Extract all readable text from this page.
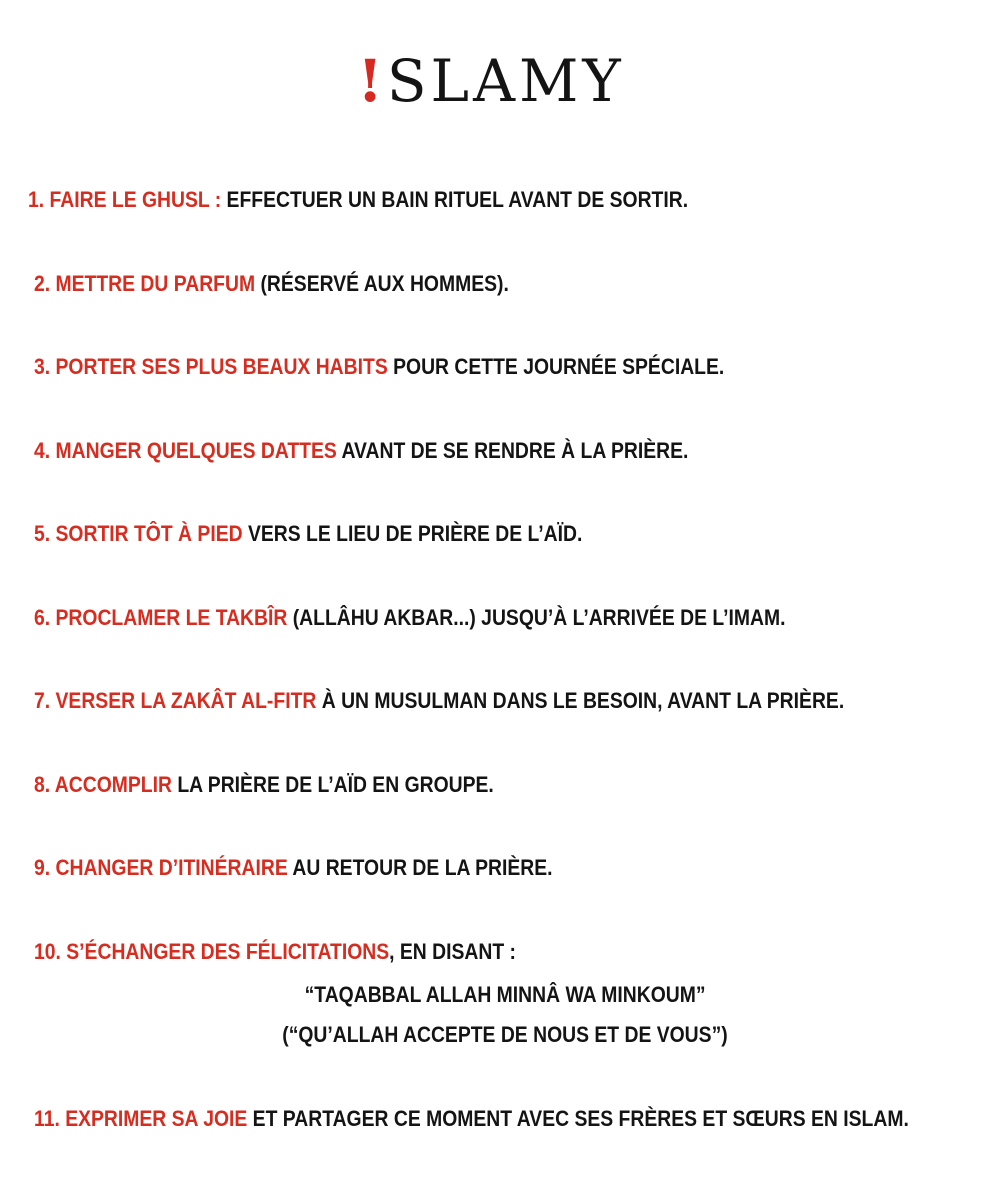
!SLAMY
1. FAIRE LE GHUSL : EFFECTUER UN BAIN RITUEL AVANT DE SORTIR.
2. METTRE DU PARFUM (RÉSERVÉ AUX HOMMES).
3. PORTER SES PLUS BEAUX HABITS POUR CETTE JOURNÉE SPÉCIALE.
4. MANGER QUELQUES DATTES AVANT DE SE RENDRE À LA PRIÈRE.
5. SORTIR TÔT À PIED VERS LE LIEU DE PRIÈRE DE L’AÏD.
6. PROCLAMER LE TAKBÎR (ALLÂHU AKBAR...) JUSQU’À L’ARRIVÉE DE L’IMAM.
7. VERSER LA ZAKÂT AL-FITR À UN MUSULMAN DANS LE BESOIN, AVANT LA PRIÈRE.
8. ACCOMPLIR LA PRIÈRE DE L’AÏD EN GROUPE.
9. CHANGER D’ITINÉRAIRE AU RETOUR DE LA PRIÈRE.
10. S’ÉCHANGER DES FÉLICITATIONS, EN DISANT :
“TAQABBAL ALLAH MINNÂ WA MINKOUM”
(“QU’ALLAH ACCEPTE DE NOUS ET DE VOUS”)
11. EXPRIMER SA JOIE ET PARTAGER CE MOMENT AVEC SES FRÈRES ET SŒURS EN ISLAM.
